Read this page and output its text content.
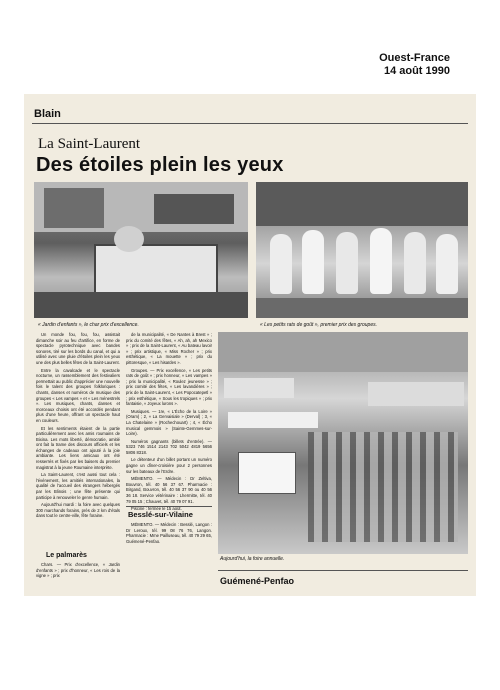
Ouest-France
14 août 1990
Blain
La Saint-Laurent
Des étoiles plein les yeux
« Jardin d'enfants », le char prix d'excellence.	« Les petits rats de goût », premier prix des groupes.

Un monde fou, fou, fou, assistait dimanche soir au feu d'artifice, en forme de spectacle pyrotechnique avec bandes sonores, tiré sur les bords du canal, et qui a utilisé avec une pluie d'étoiles plein les yeux une des plus belles fêtes de la Saint-Laurent.

Entre la cavalcade et le spectacle nocturne, un rassemblement des festivaliers permettait au public d'apprécier une nouvelle fois le talent des groupes folkloriques : chants, danses et numéros de musique des groupes « Les vampes » et « Les ménestrels ». Les musiques, chants, danses et morceaux choisis ont été accordés pendant plus d'une heure, offrant un spectacle haut en couleurs.

Et les sentiments étaient de la partie particulièrement avec les amis roumains de Bixina. Les mots liberté, démocratie, amitié ont fait la trame des discours officiels et les échanges de cadeaux ont ajouté à la joie ambiante. Les liens amicaux ont été resserrés et fixés par les baisers du premier magistrat à la jeune Roumaine interprète.

La Saint-Laurent, c'est aussi tout cela : l'événement, les amitiés internationales, la qualité de l'accueil des étrangers hébergés par les Blinois ; une fête présente qui participe à renouveler le genre humain.

Aujourd'hui mardi : la foire avec quelques 300 marchands forains, près de 2 km d'étals dans tout le centre-ville, fête foraine.

Le palmarès

Chars. — Prix d'excellence, « Jardin d'enfants » ; prix d'honneur, « Les rois de la vigne » ; prix

de la municipalité, « De Nantes à Brest » ; prix du comité des fêtes, « Ah, ah, ah Mexico » ; prix de la Saint-Laurent, « Au bateau lavoir » ; prix artistique, « Miss Rocher » ; prix esthétique, « La mouette » ; prix du pittoresque, « Les hisaïdes ».

Groupes. — Prix excellence, « Les petits rats de goût » ; prix honneur, « Les vampes » ; prix la municipalité, « Roulez jeunesse » ; prix comité des fêtes, « Les lavandières » ; prix de la Saint-Laurent, « Les Popocatepetl » ; prix esthétique, « Sous les tropiques » ; prix fantaisie, « Joyeux lurons ».

Musiques. — 1re, « L'Écho de la Loire » (Oram) ; 2, « La Gervaisiale » (Derval) ; 3, « La Chatelaine » (Rochechouart) ; 4, « Écho musical gemmois » (Sainte-Gemmes-sur-Loire).

Numéros gagnants (billets d'entrée). — 5323 746 1514 2143 702 5042 4819 5656 5806 8318.

Le détenteur d'un billet portant un numéro gagne un dîner-croisière pour 2 personnes sur les bateaux de l'Erdre.

MÉMENTO. — Médecin : Dr Zeltiva, Bouvron, tél. 40 56 37 67. Pharmacie : Birgand, Bouvron, tél. 40 56 37 90 ou 40 56 36 18. Service vétérinaire : Lhermitte, tél. 40 79 05 15 ; Chauvet, tél. 40 79 07 91.

Piscine : fermée le 15 août.

Aujourd'hui, la foire annuelle.
Besslé-sur-Vilaine

MÉMENTO. — Médecin : Besslé, Langon : Dr Leroux, tél. 99 08 76 76, Langon. Pharmacie : Mme Pailluseau, tél. 40 79 29 65, Guémené-Penfao.

Guémené-Penfao
